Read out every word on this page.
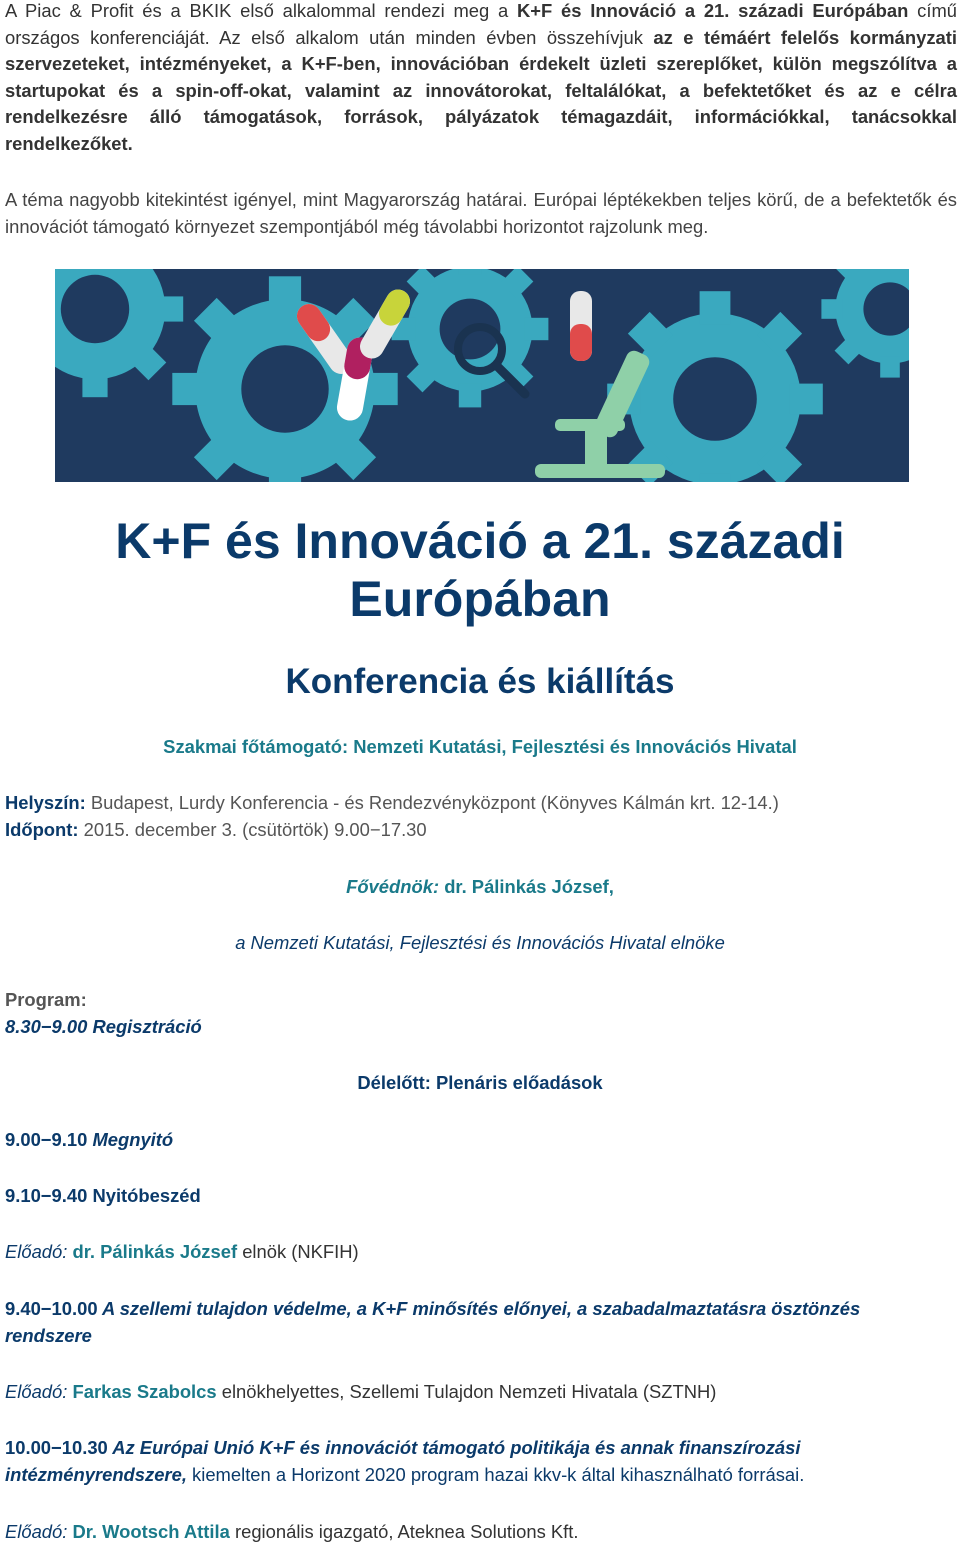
A Piac & Profit és a BKIK első alkalommal rendezi meg a K+F és Innováció a 21. századi Európában című országos konferenciáját. Az első alkalom után minden évben összehívjuk az e témáért felelős kormányzati szervezeteket, intézményeket, a K+F-ben, innovációban érdekelt üzleti szereplőket, külön megszólítva a startupokat és a spin-off-okat, valamint az innovátorokat, feltalálókat, a befektetőket és az e célra rendelkezésre álló támogatások, források, pályázatok témagazdáit, információkkal, tanácsokkal rendelkezőket.

A téma nagyobb kitekintést igényel, mint Magyarország határai. Európai léptékekben teljes körű, de a befektetők és innovációt támogató környezet szempontjából még távolabbi horizontot rajzolunk meg.

K+F és Innováció a 21. századi
Európában
Konferencia és kiállítás

Szakmai főtámogató: Nemzeti Kutatási, Fejlesztési és Innovációs Hivatal

Helyszín: Budapest, Lurdy Konferencia - és Rendezvényközpont (Könyves Kálmán krt. 12-14.)

Időpont: 2015. december 3. (csütörtök) 9.00−17.30

Fővédnök: dr. Pálinkás József,

a Nemzeti Kutatási, Fejlesztési és Innovációs Hivatal elnöke

Program:

8.30−9.00 Regisztráció

Délelőtt: Plenáris előadások

9.00−9.10 Megnyitó

9.10−9.40 Nyitóbeszéd

Előadó: dr. Pálinkás József elnök (NKFIH)

9.40−10.00 A szellemi tulajdon védelme, a K+F minősítés előnyei, a szabadalmaztatásra ösztönzés rendszere

Előadó: Farkas Szabolcs elnökhelyettes, Szellemi Tulajdon Nemzeti Hivatala (SZTNH)

10.00−10.30 Az Európai Unió K+F és innovációt támogató politikája és annak finanszírozási intézményrendszere, kiemelten a Horizont 2020 program hazai kkv-k által kihasználható forrásai.

Előadó: Dr. Wootsch Attila regionális igazgató, Ateknea Solutions Kft.
